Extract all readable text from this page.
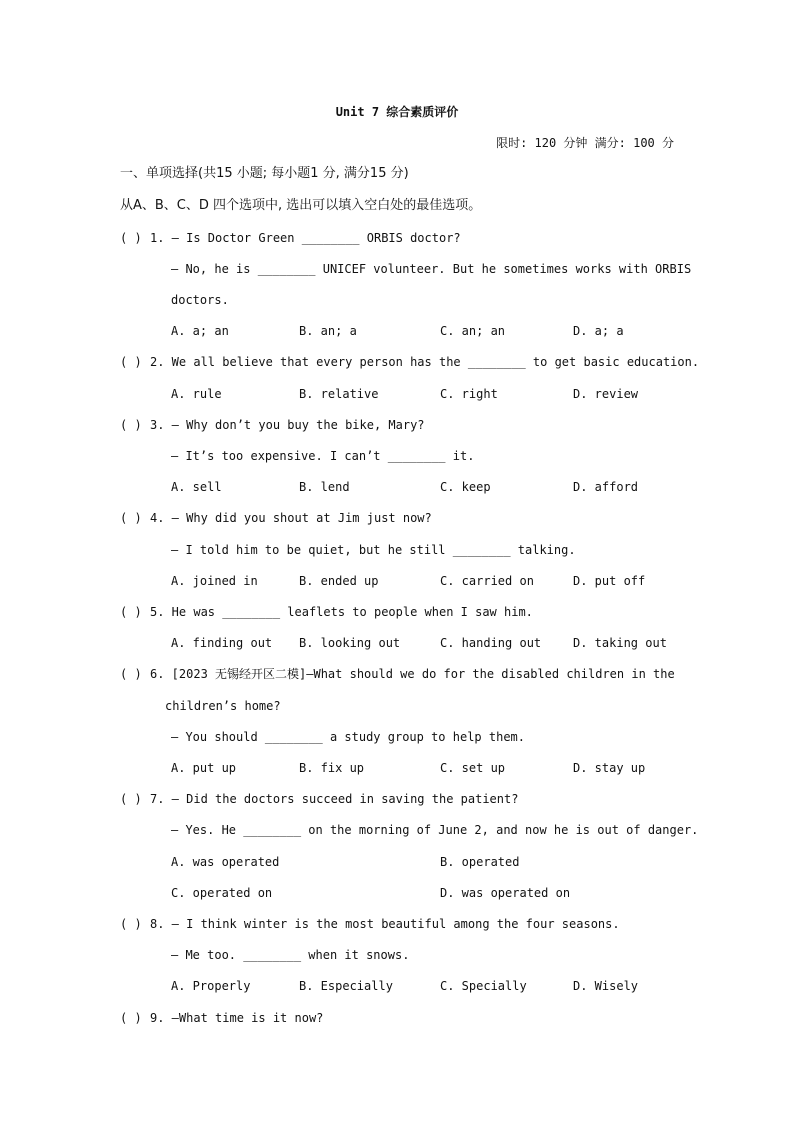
Unit 7 综合素质评价
限时: 120 分钟 满分: 100 分
一、单项选择(共15 小题; 每小题1 分, 满分15 分)
从A、B、C、D 四个选项中, 选出可以填入空白处的最佳选项。
( ) 1. — Is Doctor Green ________ ORBIS doctor?
— No, he is ________ UNICEF volunteer. But he sometimes works with ORBIS
doctors.
A. a; an	B. an; a	C. an; an	D. a; a
( ) 2. We all believe that every person has the ________ to get basic education.
A. rule	B. relative	C. right	D. review
( ) 3. — Why don’t you buy the bike, Mary?
— It’s too expensive. I can’t ________ it.
A. sell	B. lend	C. keep	D. afford
( ) 4. — Why did you shout at Jim just now?
— I told him to be quiet, but he still ________ talking.
A. joined in	B. ended up	C. carried on	D. put off
( ) 5. He was ________ leaflets to people when I saw him.
A. finding out B. looking out	C. handing out	D. taking out
( ) 6. [2023 无锡经开区二模]—What should we do for the disabled children in the
children’s home?
— You should ________ a study group to help them.
A. put up	B. fix up	C. set up	D. stay up
( ) 7. — Did the doctors succeed in saving the patient?
— Yes. He ________ on the morning of June 2, and now he is out of danger.
A. was operated	B. operated
C. operated on	D. was operated on
( ) 8. — I think winter is the most beautiful among the four seasons.
— Me too. ________ when it snows.
A. Properly	B. Especially	C. Specially	D. Wisely
( ) 9. —What time is it now?
